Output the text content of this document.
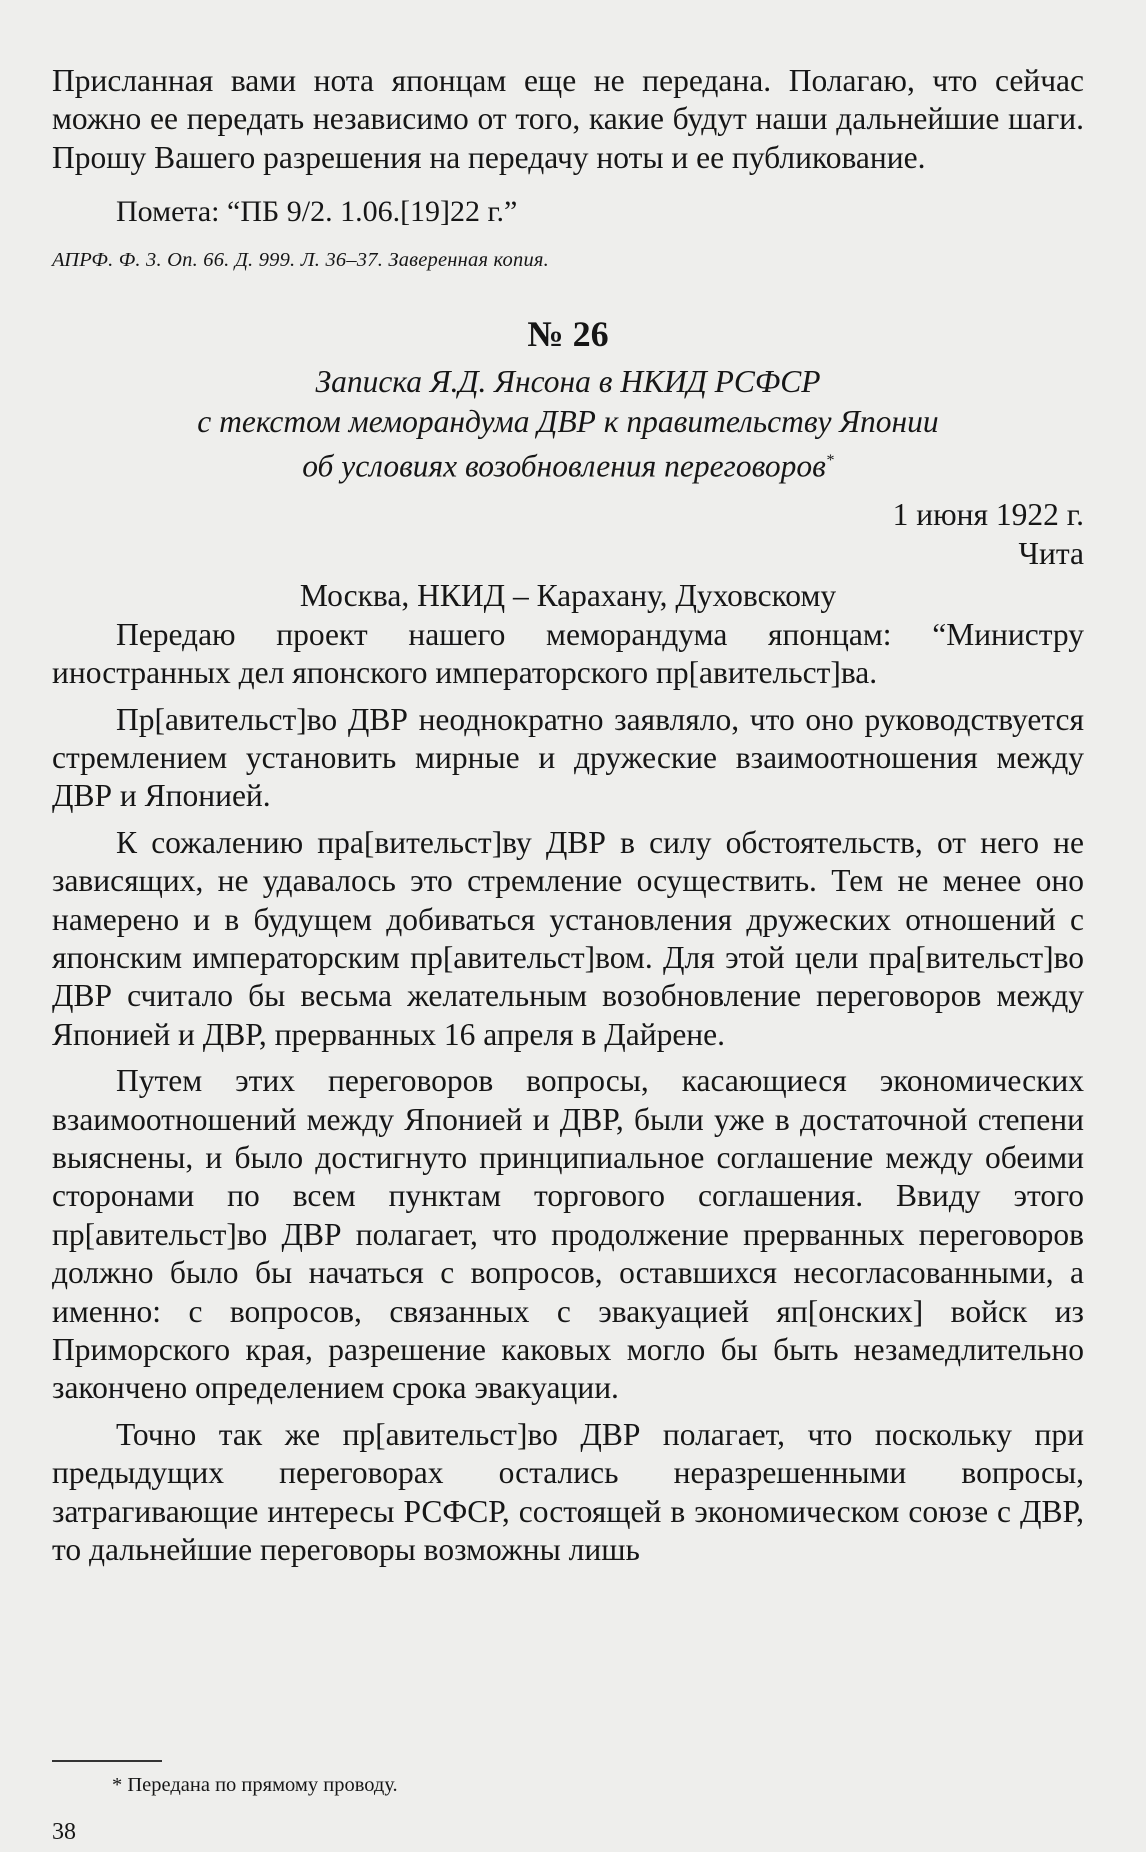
Присланная вами нота японцам еще не передана. Полагаю, что сейчас можно ее передать независимо от того, какие будут наши дальнейшие шаги. Прошу Вашего разрешения на передачу ноты и ее публикование.

Помета: “ПБ 9/2. 1.06.[19]22 г.”

АПРФ. Ф. 3. Оп. 66. Д. 999. Л. 36–37. Заверенная копия.

№ 26

Записка Я.Д. Янсона в НКИД РСФСР
с текстом меморандума ДВР к правительству Японии
об условиях возобновления переговоров*

1 июня 1922 г.

Чита

Москва, НКИД – Карахану, Духовскому

Передаю проект нашего меморандума японцам: “Министру иностранных дел японского императорского пр[авительст]ва.

Пр[авительст]во ДВР неоднократно заявляло, что оно руководствуется стремлением установить мирные и дружеские взаимоотношения между ДВР и Японией.

К сожалению пра[вительст]ву ДВР в силу обстоятельств, от него не зависящих, не удавалось это стремление осуществить. Тем не менее оно намерено и в будущем добиваться установления дружеских отношений с японским императорским пр[авительст]вом. Для этой цели пра[вительст]во ДВР считало бы весьма желательным возобновление переговоров между Японией и ДВР, прерванных 16 апреля в Дайрене.

Путем этих переговоров вопросы, касающиеся экономических взаимоотношений между Японией и ДВР, были уже в достаточной степени выяснены, и было достигнуто принципиальное соглашение между обеими сторонами по всем пунктам торгового соглашения. Ввиду этого пр[авительст]во ДВР полагает, что продолжение прерванных переговоров должно было бы начаться с вопросов, оставшихся несогласованными, а именно: с вопросов, связанных с эвакуацией яп[онских] войск из Приморского края, разрешение каковых могло бы быть незамедлительно закончено определением срока эвакуации.

Точно так же пр[авительст]во ДВР полагает, что поскольку при предыдущих переговорах остались неразрешенными вопросы, затрагивающие интересы РСФСР, состоящей в экономическом союзе с ДВР, то дальнейшие переговоры возможны лишь

* Передана по прямому проводу.

38
